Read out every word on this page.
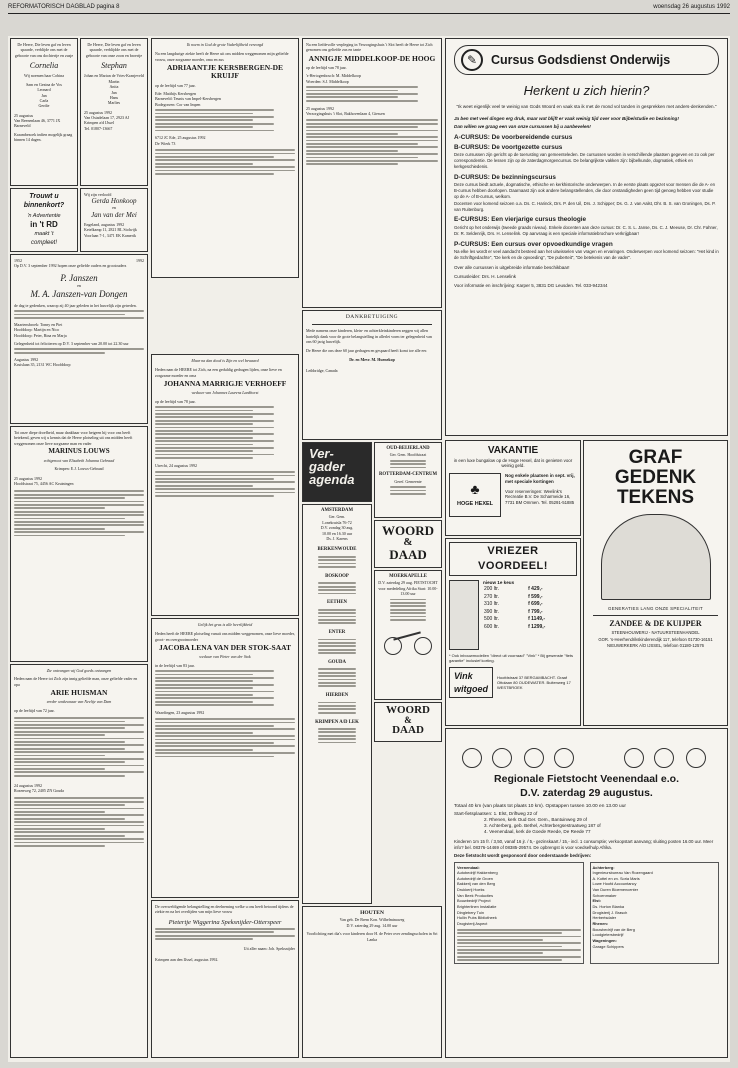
REFORMATORISCH DAGBLAD pagina 8	woensdag 26 augustus 1992
De Heere, Die leven gaf en leven spaarde, verblijde ons met de geboorte van ons dochtertje en zusje
Cornelia
Wij noemen haar Cobina
Sam en Gezina de Vos
Leonard
Jan
Carla
Gerdie
25 augustus
Van Reenenlaan 46, 3771 JX Barneveld
Kraambezoek indien mogelijk graag binnen 14 dagen.
De Heere, Die leven gaf en leven spaarde, verblijdde ons met de geboorte van onze zoon en broertje
Stephan
Johan en Marian de Vries-Kranjeveld
Martin
Anita
Jan
Hans
Marlies
25 augustus 1992
Van Ostadelaan 17, 2923 AJ Krimpen a/d IJssel
Tel. 01807-13667
Trouwt u
binnenkort?
'n Advertentie
in 't RD
maakt 't
compleet!
Wij zijn verloofd
Gerda Honkoop
en
Jan van der Mei
Engeland, augustus 1992
Ketelkamp 11, 2821 BL Stolwijk
Voorlaan 7-1, 3471 EK Kamerik
1952	1992
Op D.V. 3 september 1992 hopen onze geliefde ouders en grootouders
P. Janszen
en
M. A. Janszen-van Dongen
de dag te gedenken, waarop zij 40 jaar geleden in het huwelijk zijn getreden.
Maartensbroek: Tonny en Piet
Hoofddorp: Martijn en Nico
Hoofddorp: Peter, Rina en Marja
Gelegenheid tot feliciteren op D.V. 3 september van 20.00 tot 22.30 uur
Augustus 1992
Kruislaan 35, 2131 WC Hoofddorp
Tot onze diepe droefheid, maar dankbaar voor hetgeen hij voor ons heeft betekend, geven wij u kennis dat de Heere plotseling uit ons midden heeft weggenomen onze lieve zorgzame man en vader
MARINUS LOUWS
echtgenoot van Elisabeth Johanna Gebraad
Krimpen: E.J. Louws-Gebraad
25 augustus 1992
Hoofdstraat 75, 4456 AC Kruiningen
Zie ontvangen wij God goeds ontvangen
Heden nam de Heere tot Zich zijn innig geliefde man, onze geliefde vader en opa
ARIE HUISMAN
eerder weduwnaar van Neeltje van Dam
op de leeftijd van 72 jaar.
24 augustus 1992
Rozenweg 72, 2405 ZN Gouda
Ik noem in God de grote Vaderlijkheid verzorgd
Na een langdurige ziekte heeft de Heere uit ons midden weggenomen mijn geliefde vrouw, onze zorgzame moeder, oma en zus
ADRIAANTJE KERSBERGEN-DE KRUIJF
op de leeftijd van 77 jaar.
Ede: Matthijs Kersbergen
Barneveld: Teunis van Impel-Kersbergen
Bodegraven: Cor van Impen
6712 JC Ede, 25 augustus 1992
De Wierk 73
Maar na dan dood is Zijn en wel bewaard
Heden nam de HEERE tot Zich, na een geduldig gedragen lijden, onze lieve en zorgzame moeder en oma
JOHANNA MARRIGJE VERHOEFF
weduwe van Johannes Laurens Lankhorst
op de leeftijd van 78 jaar.
Utrecht, 24 augustus 1992
Gelijk het gras is alle heerlijkheid
Heden heeft de HEERE plotseling vanuit ons midden weggenomen, onze lieve moeder, groot- en overgrootmoeder
JACOBA LENA VAN DER STOK-SAAT
weduwe van Pieter van der Stok
in de leeftijd van 83 jaar.
Waardingen, 23 augustus 1992
De overweldigende belangstelling en deelneming welke u ons heeft betoond tijdens de ziekte en na het overlijden van mijn lieve vrouw
Pietertje Wiggerina Speksnijder-Otterspeer
Uit aller naam: Joh. Speksnijder
Krimpen aan den IJssel, augustus 1992.
Na een liefdevolle verpleging in Verzorgingshuis 't Slot heeft de Heere tot Zich genomen ons geliefde zus en tante
ANNIGJE MIDDELKOOP-DE HOOG
op de leeftijd van 78 jaar.
's-Hertogenbosch: M. Middelkoop
Woerden: S.J. Middelkoop
25 augustus 1992
Verzorgingshuis 't Slot, Bakhovenlaan 4, Giessen
DANKBETUIGING
Mede namens onze kinderen, klein- en achterkleinkinderen zeggen wij allen hartelijk dank voor de grote belangstelling in allerlei vorm ter gelegenheid van ons 60 jarig huwelijk.
De Heere die ons deze 60 jaar gedragen en gespaard heeft komt toe alle eer.
Dr. en Mevr. M. Huenekop
Lethbridge, Canada
Ver-
gader
agenda
OUD-BEIJERLAND
Ger. Gem. Hoofdstraat
ROTTERDAM-CENTRUM
Geref. Gemeente
AMSTERDAM
Ger. Gem.
Lonekruisla 76-72
D.V. zondag 30 aug.
10.00 en 16.30 uur
Ds. J. Karens
BERKENWOUDE
BOSKOOP
EETHEN
ENTER
GOUDA
HIERDEN
KRIMPEN A/D LEK
WOORD
&
DAAD
MOERKAPELLE
D.V. zaterdag 29 aug. FIETSTOCHT voor mededeling Afrika Start: 10.00-13.00 uur
WOORD
&
DAAD
HOUTEN
Van geb. De Brem Kon. Wilhelminaweg
D.V. zaterdag 29 aug. 14.00 uur
Voorlichting met dia's voor kinderen door H. de Peter over zendingsscholen in Sri Lanka
✎	Cursus Godsdienst Onderwijs
Herkent u zich hierin?
"Ik weet eigenlijk veel te weinig van Gods Woord en vaak sta ik met de mond vol tanden in gesprekken met anders-denkenden."
Ja ben met veel dingen erg druk, maar wat blijft er vaak weinig tijd over voor Bijbelstudie en bezinning!
Dan willen we graag een van onze cursussen bij u aanbevelen!
A-CURSUS: De voorbereidende cursus
B-CURSUS: De voortgezette cursus
Deze cursussen zijn gericht op de toerusting van gemeenteleden. De cursussen worden in verschillende plaatsen gegeven en zo ook per correspondentie. De lessen zijn op de zaterdagmorgencursus. De belangrijkste vakken zijn: bijbelkunde, dogmatiek, ethiek en kerkgeschiedenis.
D-CURSUS: De bezinningscursus
Deze cursus biedt actuele, dogmatische, ethische en kerkhistorische onderwerpen. In de eerste plaats opgezet voor mensen die de A- en B-cursus hebben doorlopen. Daarnaast zijn ook andere belangstellenden, die door onstandigheden geen tijd genoeg hebben voor studie op de A- of B-cursus, welkom.
Docenten voor komend seizoen o.a. Ds. C. Harinck, Drs. P. den Uil, Drs. J. Schipper; Ds. G. J. van Aalst, Dhr. B. S. van Groningen, Ds. P. van Ruitenburg.
E-CURSUS: Een vierjarige cursus theologie
Gericht op het onderwijs (tweede graads niveau). Enkele docenten aan deze cursus: Dr. C. S. L. Janse, Ds. C. J. Meeuse, Dr. Chr. Fahner, Dr. R. Seldenrijk, Drs. H. Lenselink. Op aanvraag is een speciale informatiebrochure verkrijgbaar!
P-CURSUS: Een cursus over opvoedkundige vragen
Na elke les wordt er veel aandacht besteed aan het uitwisselen van vragen en ervaringen. Onderwerpen voor komend seizoen: "Het kind in de Schriftgedachte", "De kerk en de opvoeding", "De puberteit", "De betekenis van de vader".
Over alle cursussen is uitgebreide informatie beschikbaar!
Cursusleider: Drs. H. Lenselink
Voor informatie en inschrijving: Karper 5, 3831 DG Leusden. Tel. 033-942344
VAKANTIE
in een luxe bungalow op de Hoge Hexel, dat is genieten voor weinig geld.
♣
HOGE HEXEL
Nog enkele plaatsen in sept. vrij, met speciale kortingen
Voor reserveringen: Weelink's Recreatie B.V. De Scharmeide 16, 7731 BM Ommen. Tel. 05291-51885
VRIEZER VOORDEEL!
nieuw 1e keus
200 ltr.	f 429,-
270 ltr.	f 599,-
310 ltr.	f 699,-
390 ltr.	f 799,-
500 ltr.	f 1149,-
600 ltr.	f 1299,-
* Ook inbouwmodellen "direct uit voorraad" "Vink" * Bij gewenste "fiets garantie" inclusief korting.
Vink witgoed
Hoofdstraat 37 BERGAMBACHT. Graaf Ottolaan 80 OUDEWATER. Buitenweg 17 WESTBROEK
GRAF
GEDENK
TEKENS
GENERATIES LANG ONZE SPECIALITEIT
ZANDEE & DE KUIJPER
STEENHOUWERIJ - NATUURSTEENHANDEL
GOR. 's-Heerhendrikskinderendijk 117, telefoon 01730-16151
NIEUWERKERK A/D IJSSEL, telefoon 01180-12576
Regionale Fietstocht Veenendaal e.o.
D.V. zaterdag 29 augustus.
Totaal 40 km (van plaats tot plaats 10 km). Opstappen tussen 10.00 en 13.00 uur
Start-fietsplaatsen: 1. Elst, Driftweg 22 of
2. Rhenen, kerk Oud Ger. Gem., Bantuinweg 29 of
3. Achterberg, geb. Bethel, Achterbergsestraatweg 187 of
4. Veenendaal, kerk de Goede Reede, De Reede 77
Kinderen 1m 15 fr. / 3,50, vanaf 16 jr. / 5,- gezinskaart / 15,- incl. 1 consumptie; verkoopstart aanvang; sluiting posten 16.00 uur. Meer info? bel. 08376-14469 of 08385-29574. De opbrengst is voor voedselhulp Afrika.
Deze fietstocht wordt gesponsord door onderstaande bedrijven:
Veenendaal:
Autobedrijf Hakkenberg
Autobedrijf de Groen
Bakkerij van den Berg
Drukkerij Hoeks
Van Beek Producties
Bouwbedrijf Project
Brighterlinen Installatie
Dinglebery Tuin
Hullin Pubs Bibliotheek
Drogisterij Aspect
Achterberg:
Ingenieursbureau Van Rozengaard
A. Kottel en zn. Soria Maris
Lowe Hoofd Accountancy
Van Duren Bloemencenter
Schoenmaker
Elst:
Ds. Horton Bianka
Drogisterij J. Brasch
Herbertsdaler
Rhenen:
Bouwbedrijf van de Berg
Loodgietersbedrijf
Wageningen:
Garage Schippers
